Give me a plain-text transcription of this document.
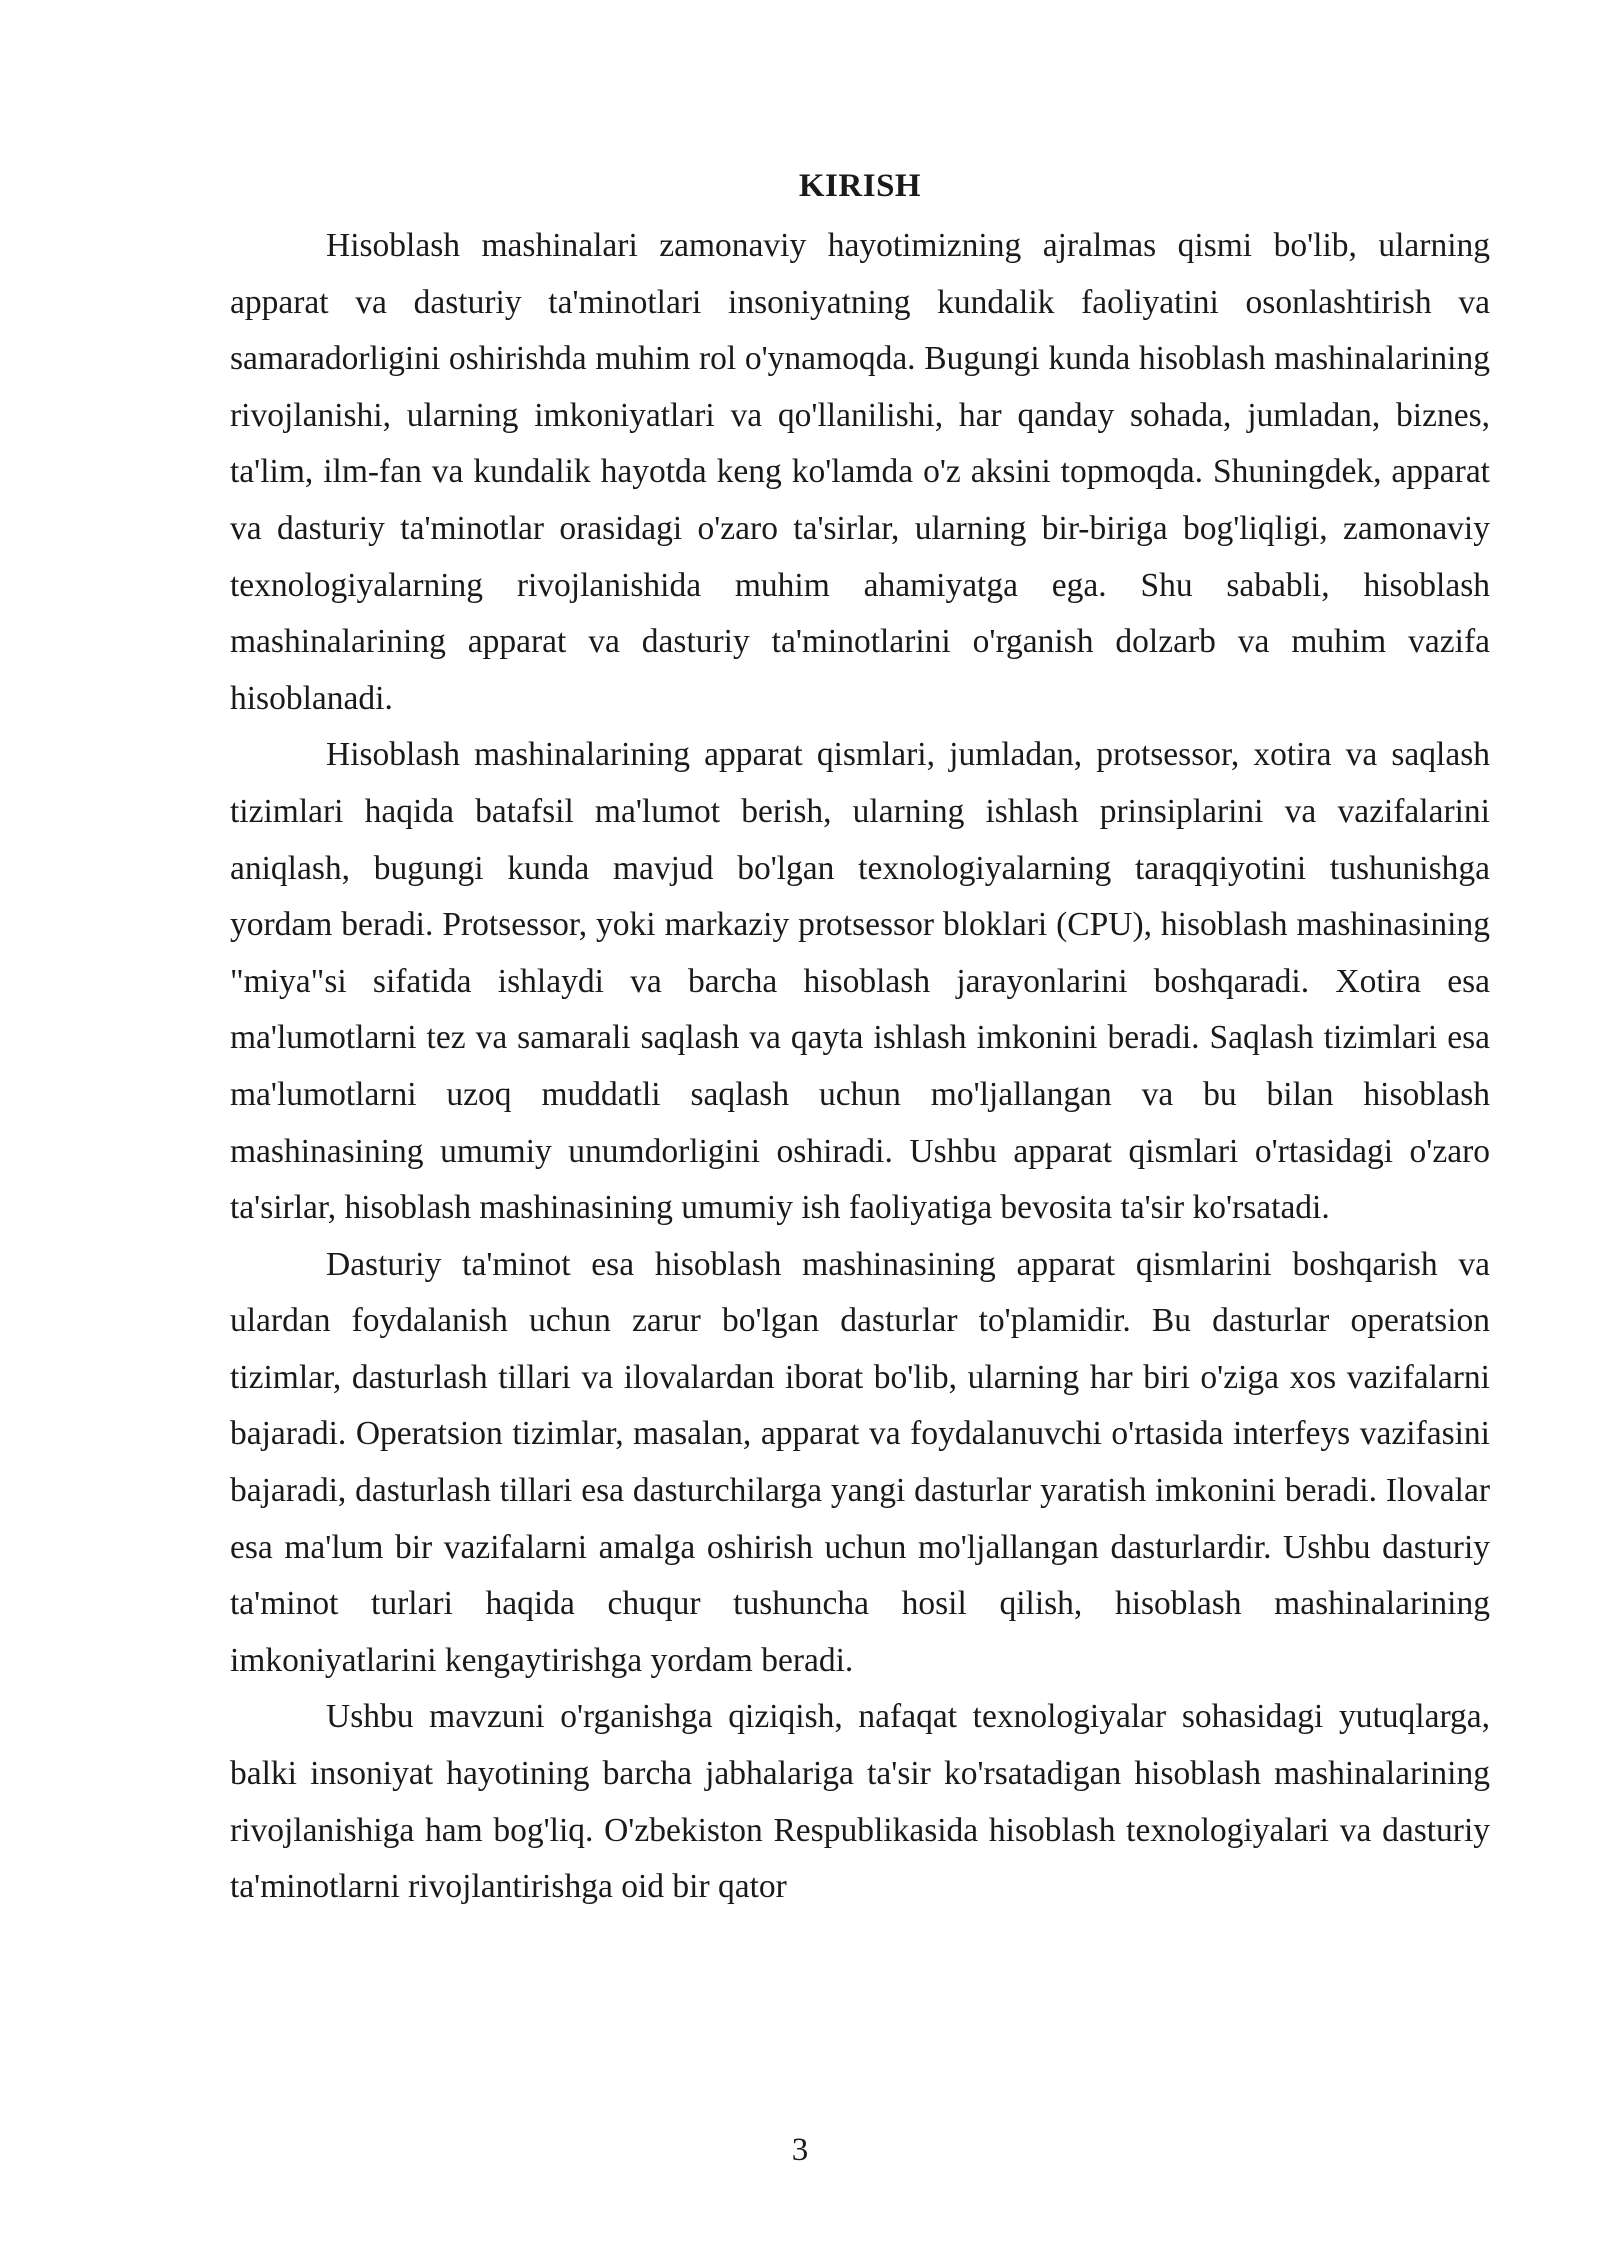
KIRISH

Hisoblash mashinalari zamonaviy hayotimizning ajralmas qismi bo'lib, ularning apparat va dasturiy ta'minotlari insoniyatning kundalik faoliyatini osonlashtirish va samaradorligini oshirishda muhim rol o'ynamoqda. Bugungi kunda hisoblash mashinalarining rivojlanishi, ularning imkoniyatlari va qo'llanilishi, har qanday sohada, jumladan, biznes, ta'lim, ilm-fan va kundalik hayotda keng ko'lamda o'z aksini topmoqda. Shuningdek, apparat va dasturiy ta'minotlar orasidagi o'zaro ta'sirlar, ularning bir-biriga bog'liqligi, zamonaviy texnologiyalarning rivojlanishida muhim ahamiyatga ega. Shu sababli, hisoblash mashinalarining apparat va dasturiy ta'minotlarini o'rganish dolzarb va muhim vazifa hisoblanadi.

Hisoblash mashinalarining apparat qismlari, jumladan, protsessor, xotira va saqlash tizimlari haqida batafsil ma'lumot berish, ularning ishlash prinsiplarini va vazifalarini aniqlash, bugungi kunda mavjud bo'lgan texnologiyalarning taraqqiyotini tushunishga yordam beradi. Protsessor, yoki markaziy protsessor bloklari (CPU), hisoblash mashinasining "miya"si sifatida ishlaydi va barcha hisoblash jarayonlarini boshqaradi. Xotira esa ma'lumotlarni tez va samarali saqlash va qayta ishlash imkonini beradi. Saqlash tizimlari esa ma'lumotlarni uzoq muddatli saqlash uchun mo'ljallangan va bu bilan hisoblash mashinasining umumiy unumdorligini oshiradi. Ushbu apparat qismlari o'rtasidagi o'zaro ta'sirlar, hisoblash mashinasining umumiy ish faoliyatiga bevosita ta'sir ko'rsatadi.

Dasturiy ta'minot esa hisoblash mashinasining apparat qismlarini boshqarish va ulardan foydalanish uchun zarur bo'lgan dasturlar to'plamidir. Bu dasturlar operatsion tizimlar, dasturlash tillari va ilovalardan iborat bo'lib, ularning har biri o'ziga xos vazifalarni bajaradi. Operatsion tizimlar, masalan, apparat va foydalanuvchi o'rtasida interfeys vazifasini bajaradi, dasturlash tillari esa dasturchilarga yangi dasturlar yaratish imkonini beradi. Ilovalar esa ma'lum bir vazifalarni amalga oshirish uchun mo'ljallangan dasturlardir. Ushbu dasturiy ta'minot turlari haqida chuqur tushuncha hosil qilish, hisoblash mashinalarining imkoniyatlarini kengaytirishga yordam beradi.

Ushbu mavzuni o'rganishga qiziqish, nafaqat texnologiyalar sohasidagi yutuqlarga, balki insoniyat hayotining barcha jabhalariga ta'sir ko'rsatadigan hisoblash mashinalarining rivojlanishiga ham bog'liq. O'zbekiston Respublikasida hisoblash texnologiyalari va dasturiy ta'minotlarni rivojlantirishga oid bir qator

3
